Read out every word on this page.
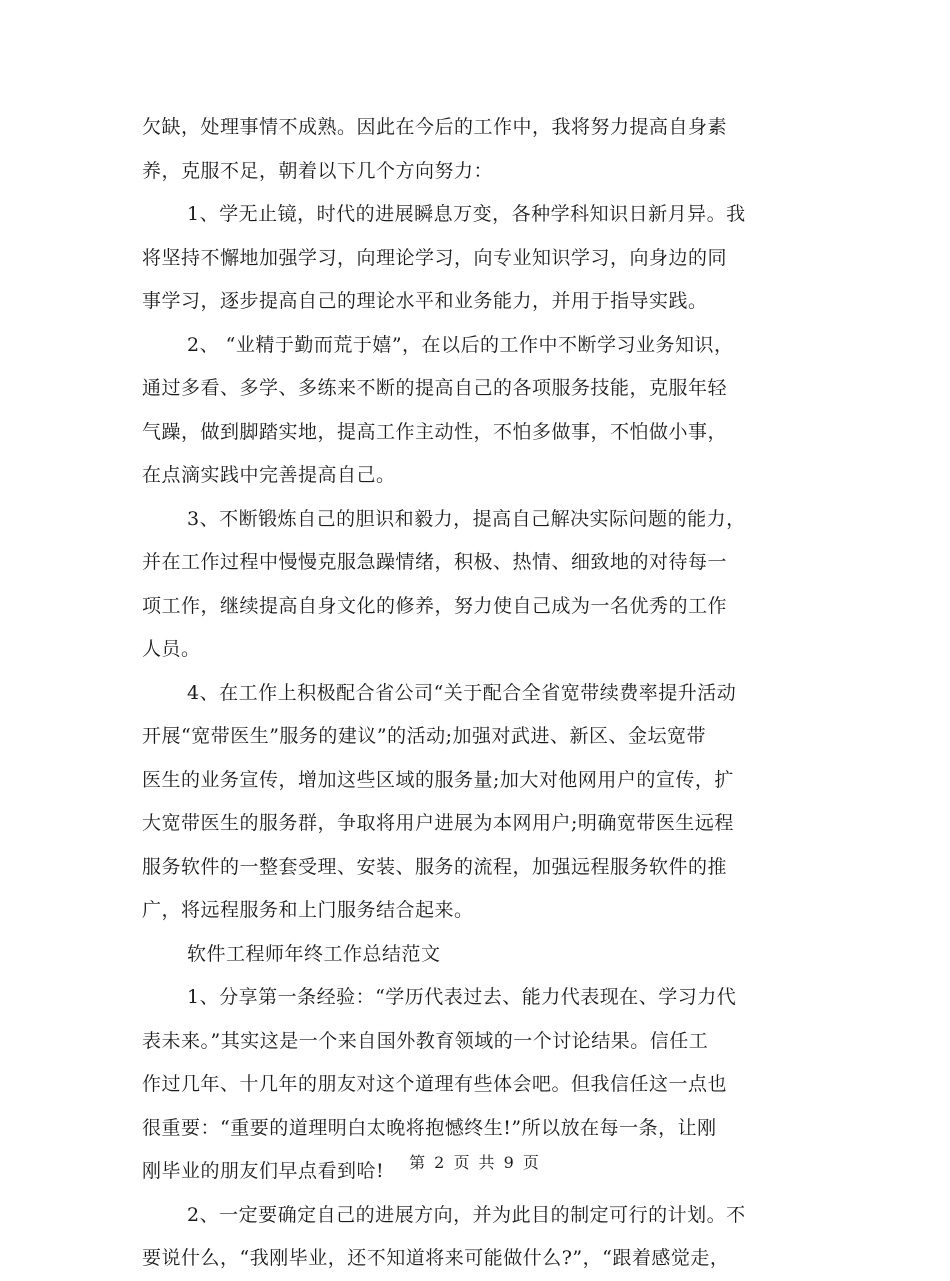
欠缺，处理事情不成熟。因此在今后的工作中，我将努力提高自身素
养，克服不足，朝着以下几个方向努力：
1、学无止镜，时代的进展瞬息万变，各种学科知识日新月异。我
将坚持不懈地加强学习，向理论学习，向专业知识学习，向身边的同
事学习，逐步提高自己的理论水平和业务能力，并用于指导实践。
2、 “业精于勤而荒于嬉”，在以后的工作中不断学习业务知识，
通过多看、多学、多练来不断的提高自己的各项服务技能，克服年轻
气躁，做到脚踏实地，提高工作主动性，不怕多做事，不怕做小事，
在点滴实践中完善提高自己。
3、不断锻炼自己的胆识和毅力，提高自己解决实际问题的能力，
并在工作过程中慢慢克服急躁情绪，积极、热情、细致地的对待每一
项工作，继续提高自身文化的修养，努力使自己成为一名优秀的工作
人员。
4、在工作上积极配合省公司“关于配合全省宽带续费率提升活动
开展“宽带医生”服务的建议”的活动;加强对武进、新区、金坛宽带
医生的业务宣传，增加这些区域的服务量;加大对他网用户的宣传，扩
大宽带医生的服务群，争取将用户进展为本网用户;明确宽带医生远程
服务软件的一整套受理、安装、服务的流程，加强远程服务软件的推
广，将远程服务和上门服务结合起来。
软件工程师年终工作总结范文
1、分享第一条经验：“学历代表过去、能力代表现在、学习力代
表未来。”其实这是一个来自国外教育领域的一个讨论结果。信任工
作过几年、十几年的朋友对这个道理有些体会吧。但我信任这一点也
很重要：“重要的道理明白太晚将抱憾终生!”所以放在每一条，让刚
刚毕业的朋友们早点看到哈!
2、一定要确定自己的进展方向，并为此目的制定可行的计划。不
要说什么，“我刚毕业，还不知道将来可能做什么?”，“跟着感觉走，
第 2 页 共 9 页
